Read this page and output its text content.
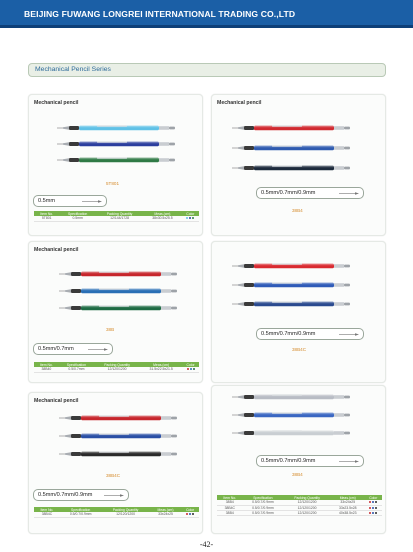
BEIJING FUWANG LONGREI INTERNATIONAL TRADING CO.,LTD
Mechanical Pencil Series
Mechanical pencil
5T801
0.5mm
Item No.	Specification	Packing Quantity	Meas.(cm)	Color
5T801	0.5mm	12/144/1728	38x30.5x25.5	
Mechanical pencil
38B
0.5mm/0.7mm
Item No.	Specification	Packing Quantity	Meas.(cm)	Color
38B40	0.5/0.7mm	12/120/1200	31.5x22.5x21.5	
Mechanical pencil
38B4C
0.5mm/0.7mm/0.9mm
Item No.	Specification	Packing Quantity	Meas.(cm)	Color
38B4C	0.5/0.7/0.9mm	12/120/1200	33x24x25	
Mechanical pencil
0.5mm/0.7mm/0.9mm
38B4
0.5mm/0.7mm/0.9mm
38B4C
0.5mm/0.7mm/0.9mm
38B4
Item No.	Specification	Packing Quantity	Meas.(cm)	Color
38B4	0.5/0.7/0.9mm	12/120/1200	33x24x25	

38B4C	0.5/0.7/0.9mm	12/120/1200	33x23.5x28	

38B4	0.5/0.7/0.9mm	12/120/1200	40x38.5x23	
-42-
